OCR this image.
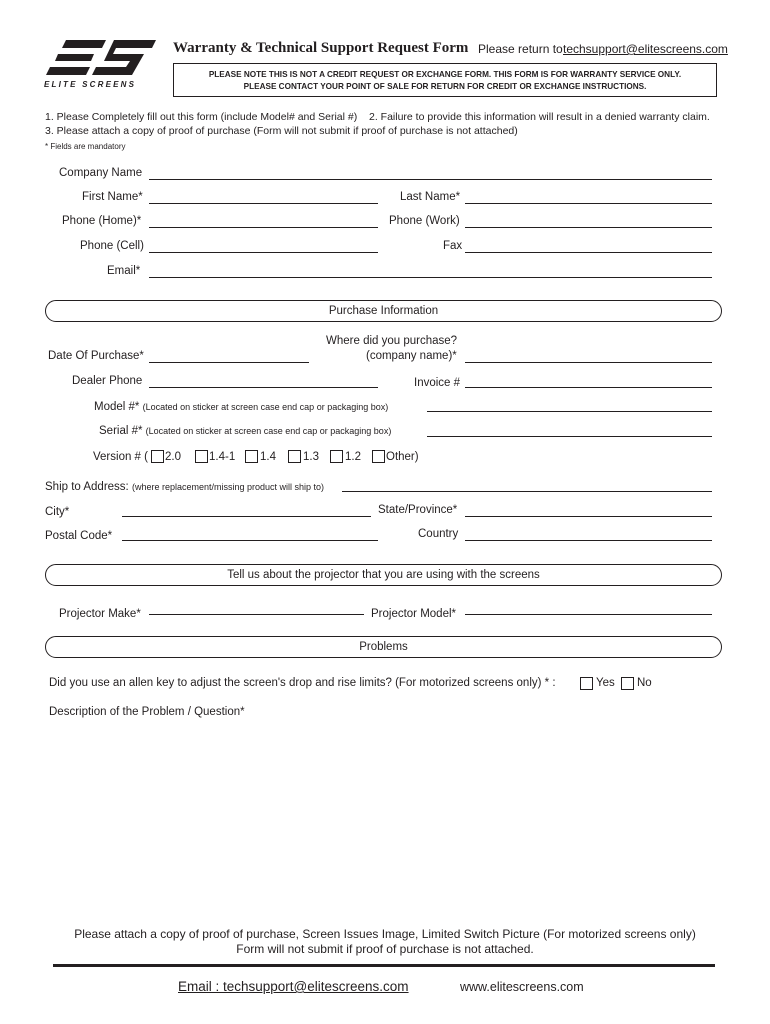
ELITE SCREENS
Warranty & Technical Support Request Form Please return to techsupport@elitescreens.com
PLEASE NOTE THIS IS NOT A CREDIT REQUEST OR EXCHANGE FORM. THIS FORM IS FOR WARRANTY SERVICE ONLY.
PLEASE CONTACT YOUR POINT OF SALE FOR RETURN FOR CREDIT OR EXCHANGE INSTRUCTIONS.
1. Please Completely fill out this form (include Model# and Serial #) 2. Failure to provide this information will result in a denied warranty claim.
3. Please attach a copy of proof of purchase (Form will not submit if proof of purchase is not attached)
* Fields are mandatory
Company Name
First Name*	Last Name*
Phone (Home)*	Phone (Work)
Phone (Cell)	Fax
Email*
Purchase Information
Date Of Purchase*
Where did you purchase?
(company name)*
Dealer Phone	Invoice #
Model #* (Located on sticker at screen case end cap or packaging box)
Serial #* (Located on sticker at screen case end cap or packaging box)
Version # ( 2.0 1.4-1 1.4 1.3 1.2 Other)
Ship to Address: (where replacement/missing product will ship to)
City*	State/Province*
Postal Code*	Country
Tell us about the projector that you are using with the screens
Projector Make*	Projector Model*
Problems
Did you use an allen key to adjust the screen's drop and rise limits? (For motorized screens only) * :	Yes No
Description of the Problem / Question*
Please attach a copy of proof of purchase, Screen Issues Image, Limited Switch Picture (For motorized screens only)
Form will not submit if proof of purchase is not attached.
Email : techsupport@elitescreens.com	www.elitescreens.com
